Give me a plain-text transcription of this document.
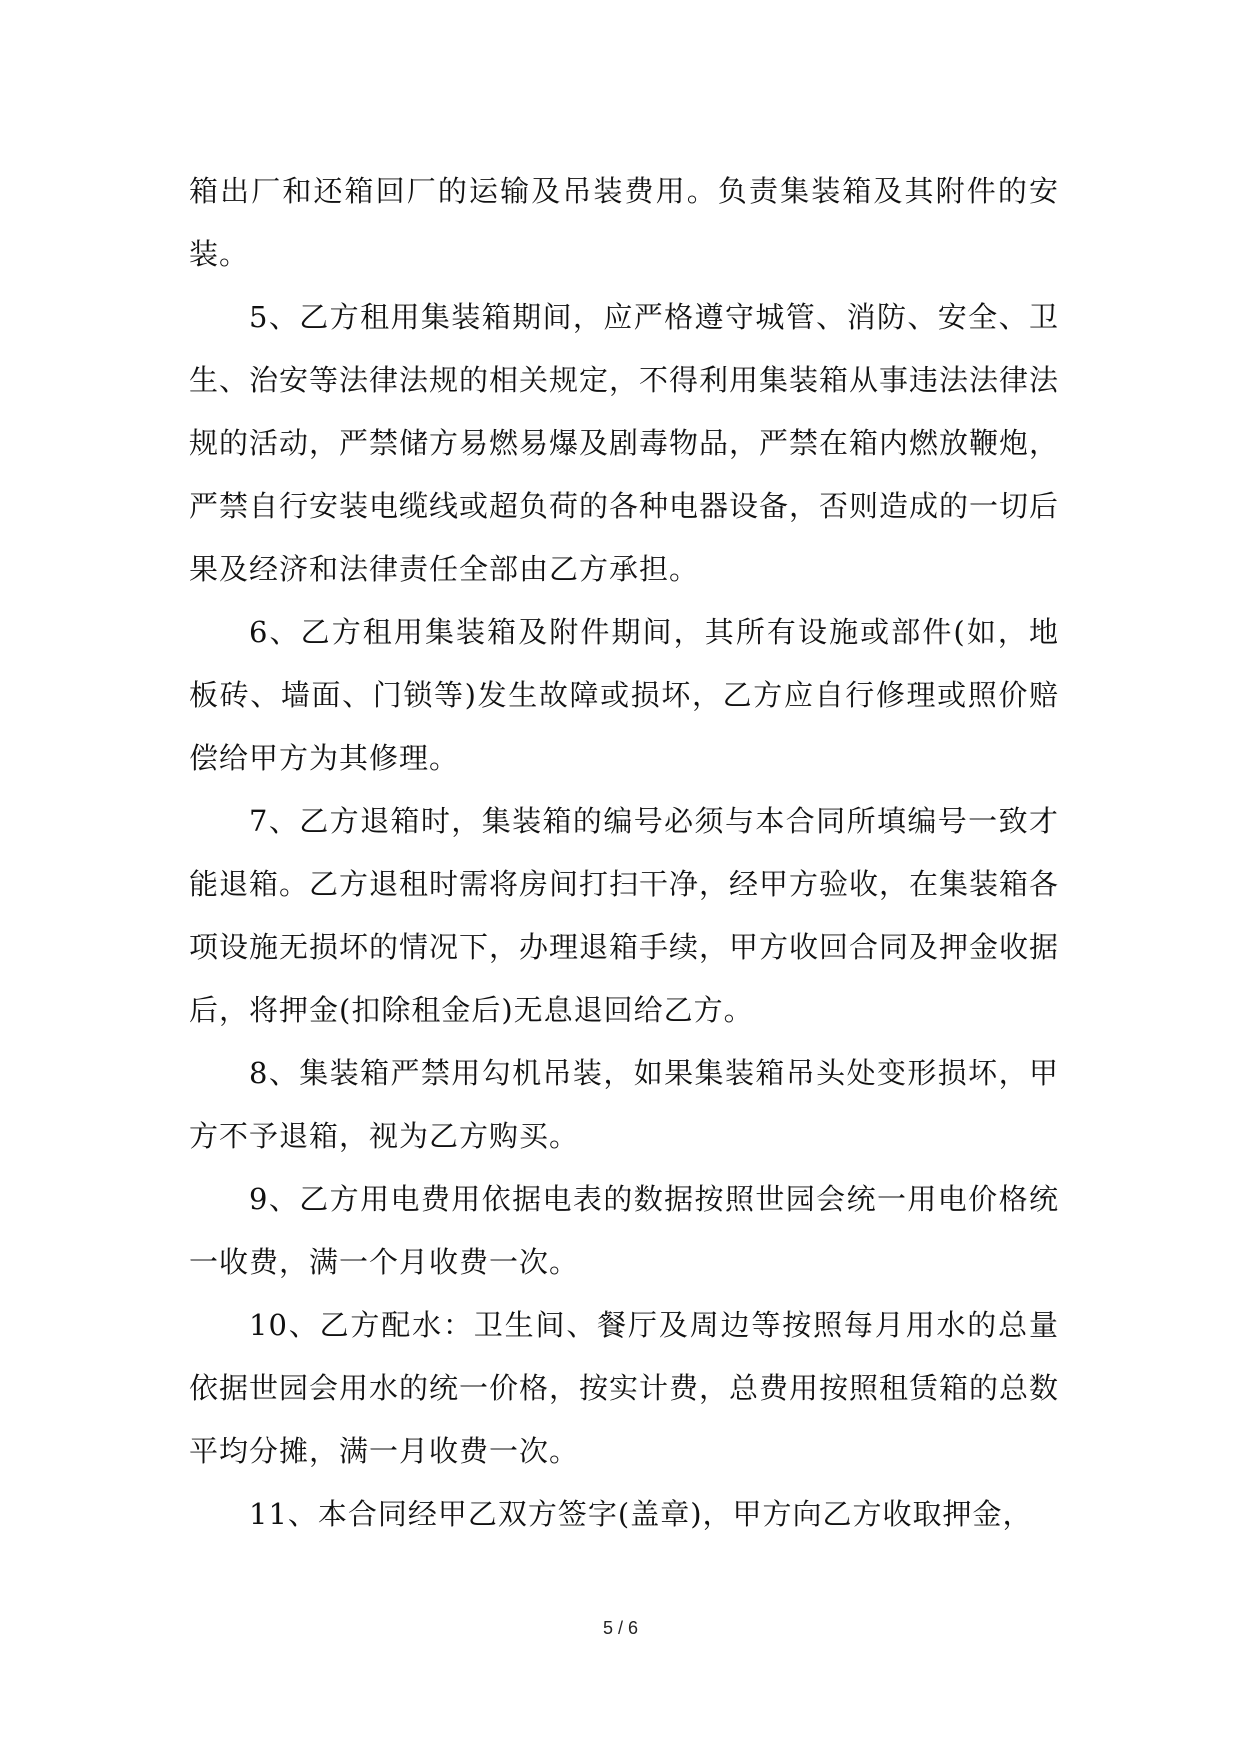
箱出厂和还箱回厂的运输及吊装费用。负责集装箱及其附件的安装。

5、乙方租用集装箱期间，应严格遵守城管、消防、安全、卫生、治安等法律法规的相关规定，不得利用集装箱从事违法法律法规的活动，严禁储方易燃易爆及剧毒物品，严禁在箱内燃放鞭炮，严禁自行安装电缆线或超负荷的各种电器设备，否则造成的一切后果及经济和法律责任全部由乙方承担。

6、乙方租用集装箱及附件期间，其所有设施或部件(如，地板砖、墙面、门锁等)发生故障或损坏，乙方应自行修理或照价赔偿给甲方为其修理。

7、乙方退箱时，集装箱的编号必须与本合同所填编号一致才能退箱。乙方退租时需将房间打扫干净，经甲方验收，在集装箱各项设施无损坏的情况下，办理退箱手续，甲方收回合同及押金收据后，将押金(扣除租金后)无息退回给乙方。

8、集装箱严禁用勾机吊装，如果集装箱吊头处变形损坏，甲方不予退箱，视为乙方购买。

9、乙方用电费用依据电表的数据按照世园会统一用电价格统一收费，满一个月收费一次。

10、乙方配水：卫生间、餐厅及周边等按照每月用水的总量依据世园会用水的统一价格，按实计费，总费用按照租赁箱的总数平均分摊，满一月收费一次。

11、本合同经甲乙双方签字(盖章)，甲方向乙方收取押金，

5 / 6
